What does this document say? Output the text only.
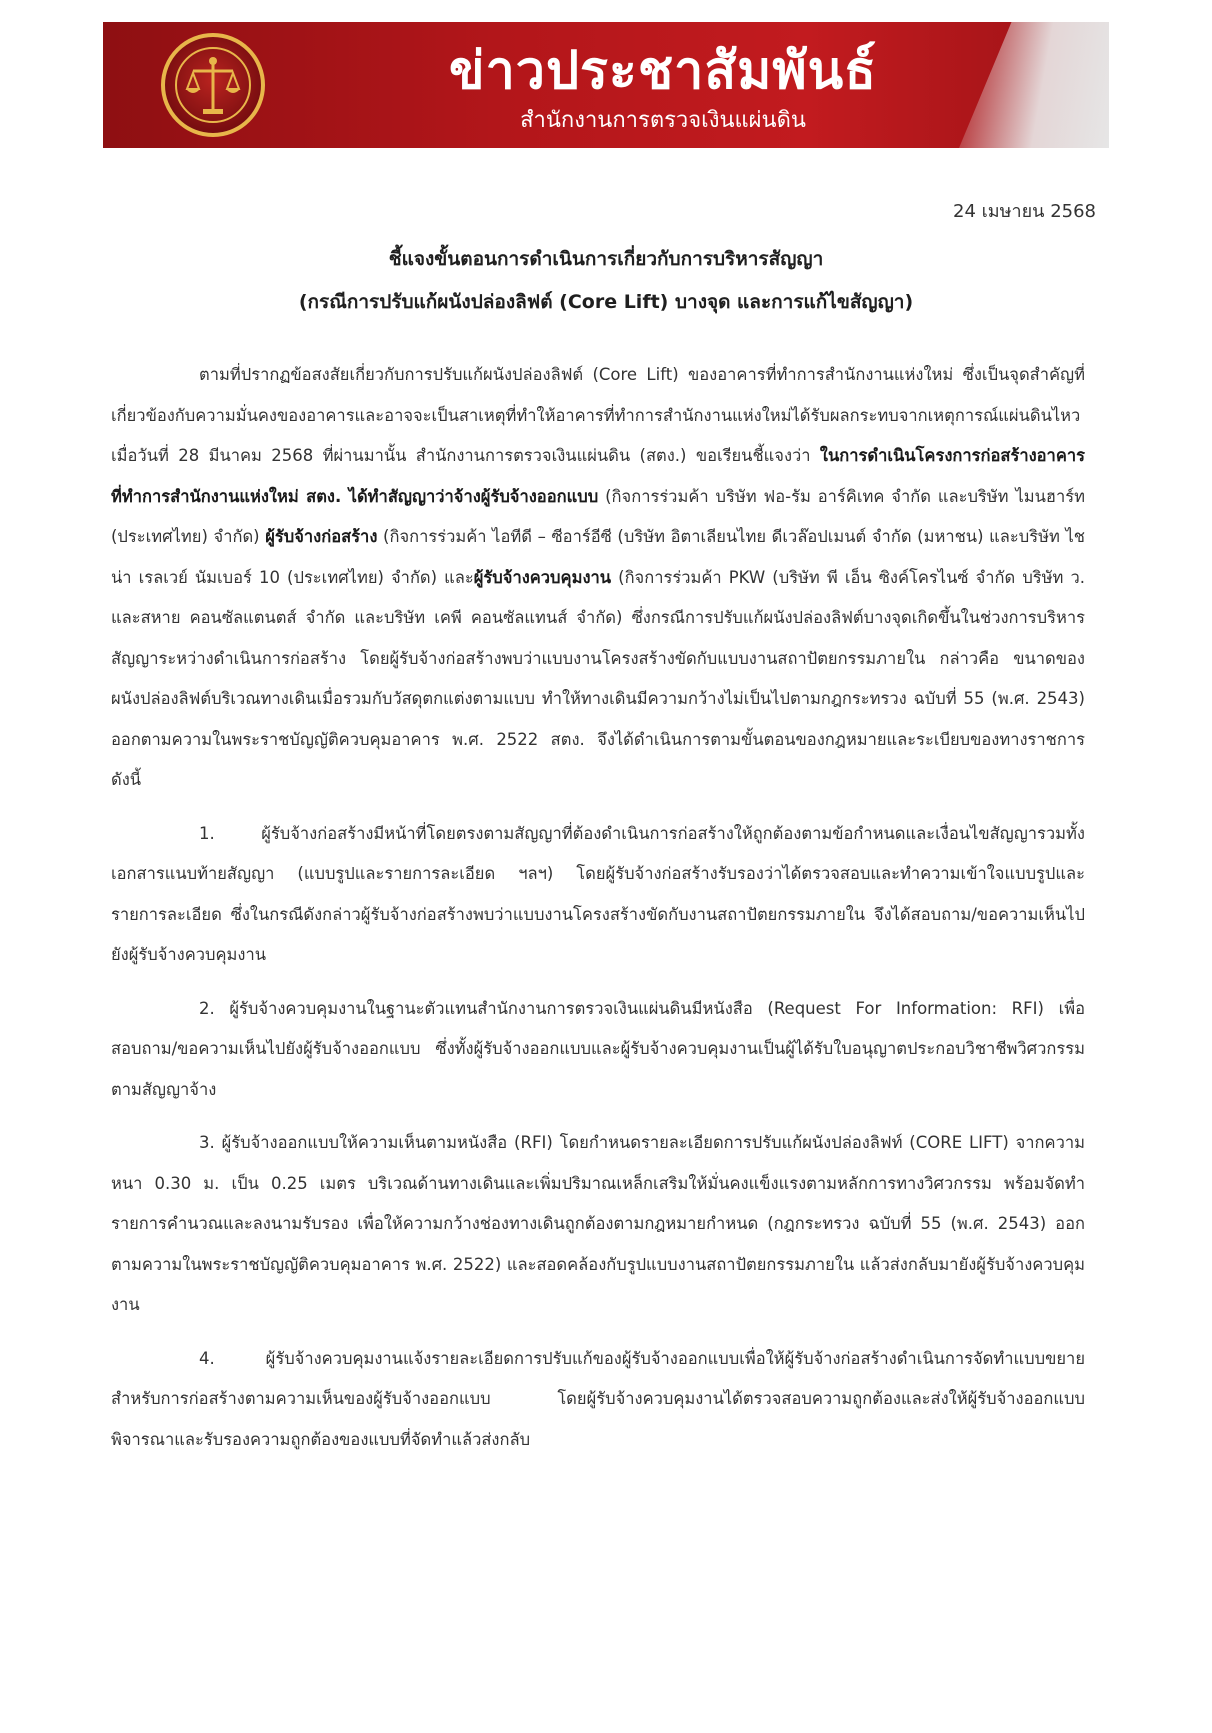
ข่าวประชาสัมพันธ์
สำนักงานการตรวจเงินแผ่นดิน
24 เมษายน 2568
ชี้แจงขั้นตอนการดำเนินการเกี่ยวกับการบริหารสัญญา
(กรณีการปรับแก้ผนังปล่องลิฟต์ (Core Lift) บางจุด และการแก้ไขสัญญา)

ตามที่ปรากฏข้อสงสัยเกี่ยวกับการปรับแก้ผนังปล่องลิฟต์ (Core Lift) ของอาคารที่ทำการสำนักงานแห่งใหม่ ซึ่งเป็นจุดสำคัญที่เกี่ยวข้องกับความมั่นคงของอาคารและอาจจะเป็นสาเหตุที่ทำให้อาคารที่ทำการสำนักงานแห่งใหม่ได้รับผลกระทบจากเหตุการณ์แผ่นดินไหว เมื่อวันที่ 28 มีนาคม 2568 ที่ผ่านมานั้น สำนักงานการตรวจเงินแผ่นดิน (สตง.) ขอเรียนชี้แจงว่า ในการดำเนินโครงการก่อสร้างอาคารที่ทำการสำนักงานแห่งใหม่ สตง. ได้ทำสัญญาว่าจ้างผู้รับจ้างออกแบบ (กิจการร่วมค้า บริษัท ฟอ-รัม อาร์คิเทค จำกัด และบริษัท ไมนฮาร์ท (ประเทศไทย) จำกัด) ผู้รับจ้างก่อสร้าง (กิจการร่วมค้า ไอทีดี – ซีอาร์อีซี (บริษัท อิตาเลียนไทย ดีเวล๊อปเมนต์ จำกัด (มหาชน) และบริษัท ไชน่า เรลเวย์ นัมเบอร์ 10 (ประเทศไทย) จำกัด) และผู้รับจ้างควบคุมงาน (กิจการร่วมค้า PKW (บริษัท พี เอ็น ซิงค์โครไนซ์ จำกัด บริษัท ว. และสหาย คอนซัลแตนตส์ จำกัด และบริษัท เคพี คอนซัลแทนส์ จำกัด) ซึ่งกรณีการปรับแก้ผนังปล่องลิฟต์บางจุดเกิดขึ้นในช่วงการบริหารสัญญาระหว่างดำเนินการก่อสร้าง โดยผู้รับจ้างก่อสร้างพบว่าแบบงานโครงสร้างขัดกับแบบงานสถาปัตยกรรมภายใน กล่าวคือ ขนาดของผนังปล่องลิฟต์บริเวณทางเดินเมื่อรวมกับวัสดุตกแต่งตามแบบ ทำให้ทางเดินมีความกว้างไม่เป็นไปตามกฎกระทรวง ฉบับที่ 55 (พ.ศ. 2543) ออกตามความในพระราชบัญญัติควบคุมอาคาร พ.ศ. 2522 สตง. จึงได้ดำเนินการตามขั้นตอนของกฎหมายและระเบียบของทางราชการ ดังนี้

1. ผู้รับจ้างก่อสร้างมีหน้าที่โดยตรงตามสัญญาที่ต้องดำเนินการก่อสร้างให้ถูกต้องตามข้อกำหนดและเงื่อนไขสัญญารวมทั้งเอกสารแนบท้ายสัญญา (แบบรูปและรายการละเอียด ฯลฯ) โดยผู้รับจ้างก่อสร้างรับรองว่าได้ตรวจสอบและทำความเข้าใจแบบรูปและรายการละเอียด ซึ่งในกรณีดังกล่าวผู้รับจ้างก่อสร้างพบว่าแบบงานโครงสร้างขัดกับงานสถาปัตยกรรมภายใน จึงได้สอบถาม/ขอความเห็นไปยังผู้รับจ้างควบคุมงาน

2. ผู้รับจ้างควบคุมงานในฐานะตัวแทนสำนักงานการตรวจเงินแผ่นดินมีหนังสือ (Request For Information: RFI) เพื่อสอบถาม/ขอความเห็นไปยังผู้รับจ้างออกแบบ ซึ่งทั้งผู้รับจ้างออกแบบและผู้รับจ้างควบคุมงานเป็นผู้ได้รับใบอนุญาตประกอบวิชาชีพวิศวกรรมตามสัญญาจ้าง

3. ผู้รับจ้างออกแบบให้ความเห็นตามหนังสือ (RFI) โดยกำหนดรายละเอียดการปรับแก้ผนังปล่องลิฟท์ (CORE LIFT) จากความหนา 0.30 ม. เป็น 0.25 เมตร บริเวณด้านทางเดินและเพิ่มปริมาณเหล็กเสริมให้มั่นคงแข็งแรงตามหลักการทางวิศวกรรม พร้อมจัดทำรายการคำนวณและลงนามรับรอง เพื่อให้ความกว้างช่องทางเดินถูกต้องตามกฎหมายกำหนด (กฎกระทรวง ฉบับที่ 55 (พ.ศ. 2543) ออกตามความในพระราชบัญญัติควบคุมอาคาร พ.ศ. 2522) และสอดคล้องกับรูปแบบงานสถาปัตยกรรมภายใน แล้วส่งกลับมายังผู้รับจ้างควบคุมงาน

4. ผู้รับจ้างควบคุมงานแจ้งรายละเอียดการปรับแก้ของผู้รับจ้างออกแบบเพื่อให้ผู้รับจ้างก่อสร้างดำเนินการจัดทำแบบขยายสำหรับการก่อสร้างตามความเห็นของผู้รับจ้างออกแบบ โดยผู้รับจ้างควบคุมงานได้ตรวจสอบความถูกต้องและส่งให้ผู้รับจ้างออกแบบพิจารณาและรับรองความถูกต้องของแบบที่จัดทำแล้วส่งกลับ
